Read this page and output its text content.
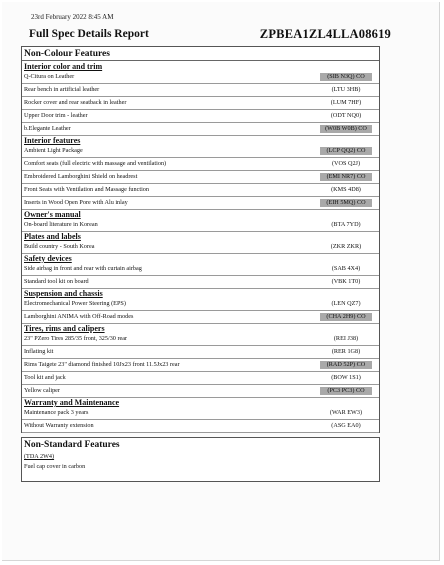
23rd February 2022 8:45 AM
Full Spec Details Report	ZPBEA1ZL4LLA08619
Non-Colour Features
Interior color and trim
Q-Citura on Leather	(SIB N3Q) CO
Rear bench in artificial leather	(LTU 3HB)
Rocker cover and rear seatback in leather	(LUM 7HF)
Upper Door trim - leather	(ODT NQ0)
b.Elegante Leather	(W0B W0B) CO
Interior features
Ambient Light Package	(LCP QQ2) CO
Comfort seats (full electric with massage and ventilation)	(VOS Q2J)
Embroidered Lamborghini Shield on headrest	(EMI NR7) CO
Front Seats with Ventilation and Massage function	(KMS 4D8)
Inserts in Wood Open Pore with Alu inlay	(EIH 5MQ) CO
Owner's manual
On-board literature in Korean	(BTA 7YD)
Plates and labels
Build country - South Korea	(ZKR ZKR)
Safety devices
Side airbag in front and rear with curtain airbag	(SAB 4X4)
Standard tool kit on board	(VBK 1T0)
Suspension and chassis
Electromechanical Power Steering (EPS)	(LEN QZ7)
Lamborghini ANIMA with Off-Road modes	(CHA 2H9) CO
Tires, rims and calipers
23" PZero Tires 285/35 front, 325/30 rear	(REI J38)
Inflating kit	(RER 1G8)
Rims Taigete 23" diamond finished 10Jx23 front 11.5Jx23 rear	(RAD 52P) CO
Tool kit and jack	(BOW 1S1)
Yellow caliper	(PC3 PC3) CO
Warranty and Maintenance
Maintenance pack 3 years	(WAR EW3)
Without Warranty extension	(ASG EA0)
Non-Standard Features
(TDA 2W4)
Fuel cap cover in carbon
